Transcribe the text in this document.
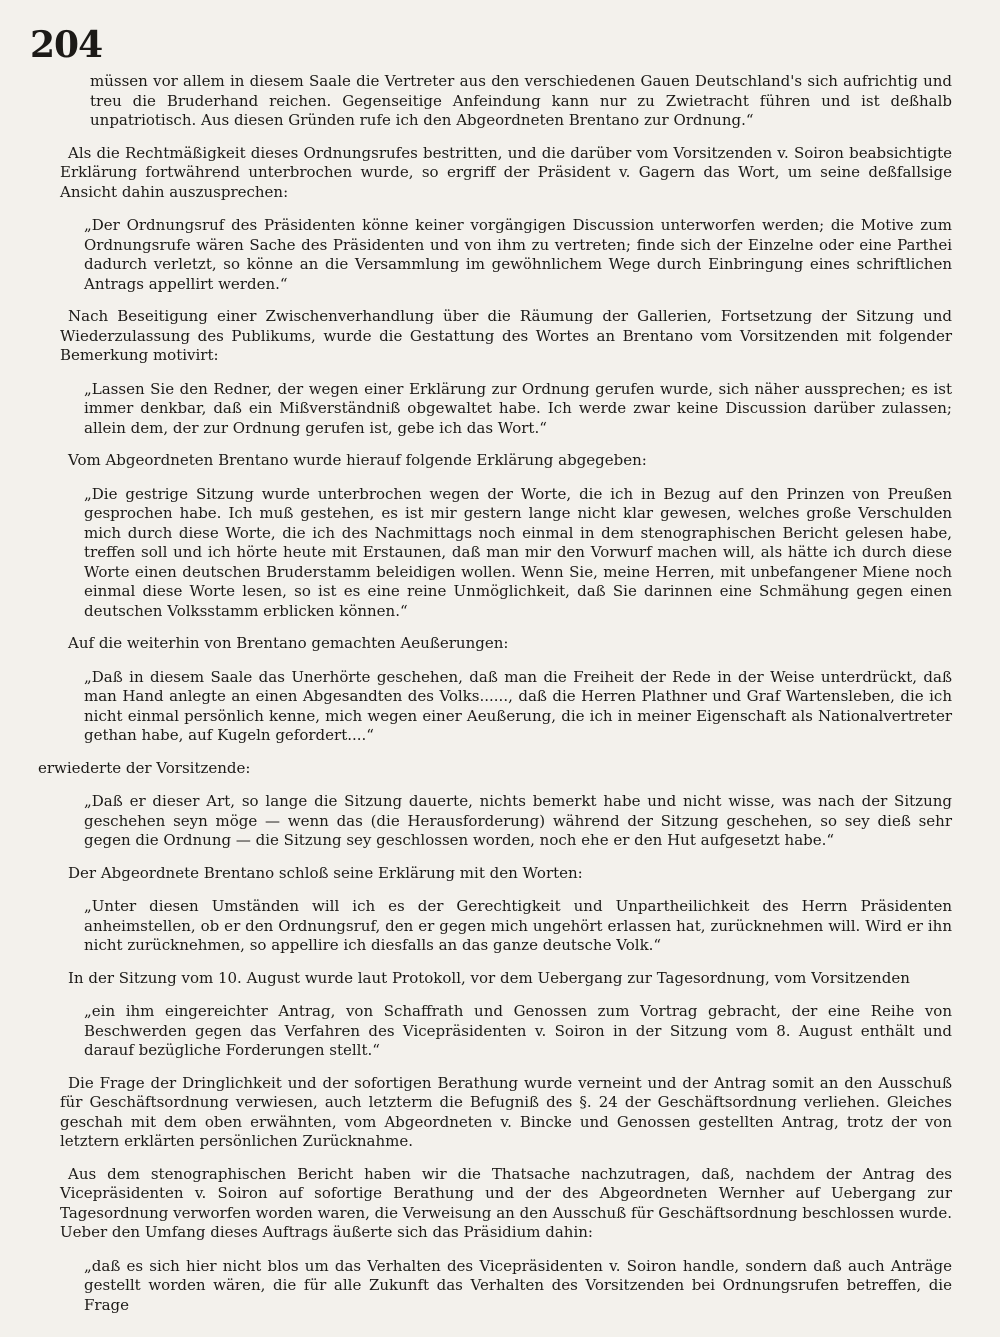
204

müssen vor allem in diesem Saale die Vertreter aus den verschiedenen Gauen Deutschland's sich aufrichtig und treu die Bruderhand reichen. Gegenseitige Anfeindung kann nur zu Zwietracht führen und ist deßhalb unpatriotisch. Aus diesen Gründen rufe ich den Abgeordneten Brentano zur Ordnung.“

Als die Rechtmäßigkeit dieses Ordnungsrufes bestritten, und die darüber vom Vorsitzenden v. Soiron beabsichtigte Erklärung fortwährend unterbrochen wurde, so ergriff der Präsident v. Gagern das Wort, um seine deßfallsige Ansicht dahin auszusprechen:

„Der Ordnungsruf des Präsidenten könne keiner vorgängigen Discussion unterworfen werden; die Motive zum Ordnungsrufe wären Sache des Präsidenten und von ihm zu vertreten; finde sich der Einzelne oder eine Parthei dadurch verletzt, so könne an die Versammlung im gewöhnlichem Wege durch Einbringung eines schriftlichen Antrags appellirt werden.“

Nach Beseitigung einer Zwischenverhandlung über die Räumung der Gallerien, Fortsetzung der Sitzung und Wiederzulassung des Publikums, wurde die Gestattung des Wortes an Brentano vom Vorsitzenden mit folgender Bemerkung motivirt:

„Lassen Sie den Redner, der wegen einer Erklärung zur Ordnung gerufen wurde, sich näher aussprechen; es ist immer denkbar, daß ein Mißverständniß obgewaltet habe. Ich werde zwar keine Discussion darüber zulassen; allein dem, der zur Ordnung gerufen ist, gebe ich das Wort.“

Vom Abgeordneten Brentano wurde hierauf folgende Erklärung abgegeben:

„Die gestrige Sitzung wurde unterbrochen wegen der Worte, die ich in Bezug auf den Prinzen von Preußen gesprochen habe. Ich muß gestehen, es ist mir gestern lange nicht klar gewesen, welches große Verschulden mich durch diese Worte, die ich des Nachmittags noch einmal in dem stenographischen Bericht gelesen habe, treffen soll und ich hörte heute mit Erstaunen, daß man mir den Vorwurf machen will, als hätte ich durch diese Worte einen deutschen Bruderstamm beleidigen wollen. Wenn Sie, meine Herren, mit unbefangener Miene noch einmal diese Worte lesen, so ist es eine reine Unmöglichkeit, daß Sie darinnen eine Schmähung gegen einen deutschen Volksstamm erblicken können.“

Auf die weiterhin von Brentano gemachten Aeußerungen:

„Daß in diesem Saale das Unerhörte geschehen, daß man die Freiheit der Rede in der Weise unterdrückt, daß man Hand anlegte an einen Abgesandten des Volks......, daß die Herren Plathner und Graf Wartensleben, die ich nicht einmal persönlich kenne, mich wegen einer Aeußerung, die ich in meiner Eigenschaft als Nationalvertreter gethan habe, auf Kugeln gefordert....“

erwiederte der Vorsitzende:

„Daß er dieser Art, so lange die Sitzung dauerte, nichts bemerkt habe und nicht wisse, was nach der Sitzung geschehen seyn möge — wenn das (die Herausforderung) während der Sitzung geschehen, so sey dieß sehr gegen die Ordnung — die Sitzung sey geschlossen worden, noch ehe er den Hut aufgesetzt habe.“

Der Abgeordnete Brentano schloß seine Erklärung mit den Worten:

„Unter diesen Umständen will ich es der Gerechtigkeit und Unpartheilichkeit des Herrn Präsidenten anheimstellen, ob er den Ordnungsruf, den er gegen mich ungehört erlassen hat, zurücknehmen will. Wird er ihn nicht zurücknehmen, so appellire ich diesfalls an das ganze deutsche Volk.“

In der Sitzung vom 10. August wurde laut Protokoll, vor dem Uebergang zur Tagesordnung, vom Vorsitzenden

„ein ihm eingereichter Antrag, von Schaffrath und Genossen zum Vortrag gebracht, der eine Reihe von Beschwerden gegen das Verfahren des Vicepräsidenten v. Soiron in der Sitzung vom 8. August enthält und darauf bezügliche Forderungen stellt.“

Die Frage der Dringlichkeit und der sofortigen Berathung wurde verneint und der Antrag somit an den Ausschuß für Geschäftsordnung verwiesen, auch letzterm die Befugniß des §. 24 der Geschäftsordnung verliehen. Gleiches geschah mit dem oben erwähnten, vom Abgeordneten v. Bincke und Genossen gestellten Antrag, trotz der von letztern erklärten persönlichen Zurücknahme.

Aus dem stenographischen Bericht haben wir die Thatsache nachzutragen, daß, nachdem der Antrag des Vicepräsidenten v. Soiron auf sofortige Berathung und der des Abgeordneten Wernher auf Uebergang zur Tagesordnung verworfen worden waren, die Verweisung an den Ausschuß für Geschäftsordnung beschlossen wurde. Ueber den Umfang dieses Auftrags äußerte sich das Präsidium dahin:

„daß es sich hier nicht blos um das Verhalten des Vicepräsidenten v. Soiron handle, sondern daß auch Anträge gestellt worden wären, die für alle Zukunft das Verhalten des Vorsitzenden bei Ordnungsrufen betreffen, die Frage
